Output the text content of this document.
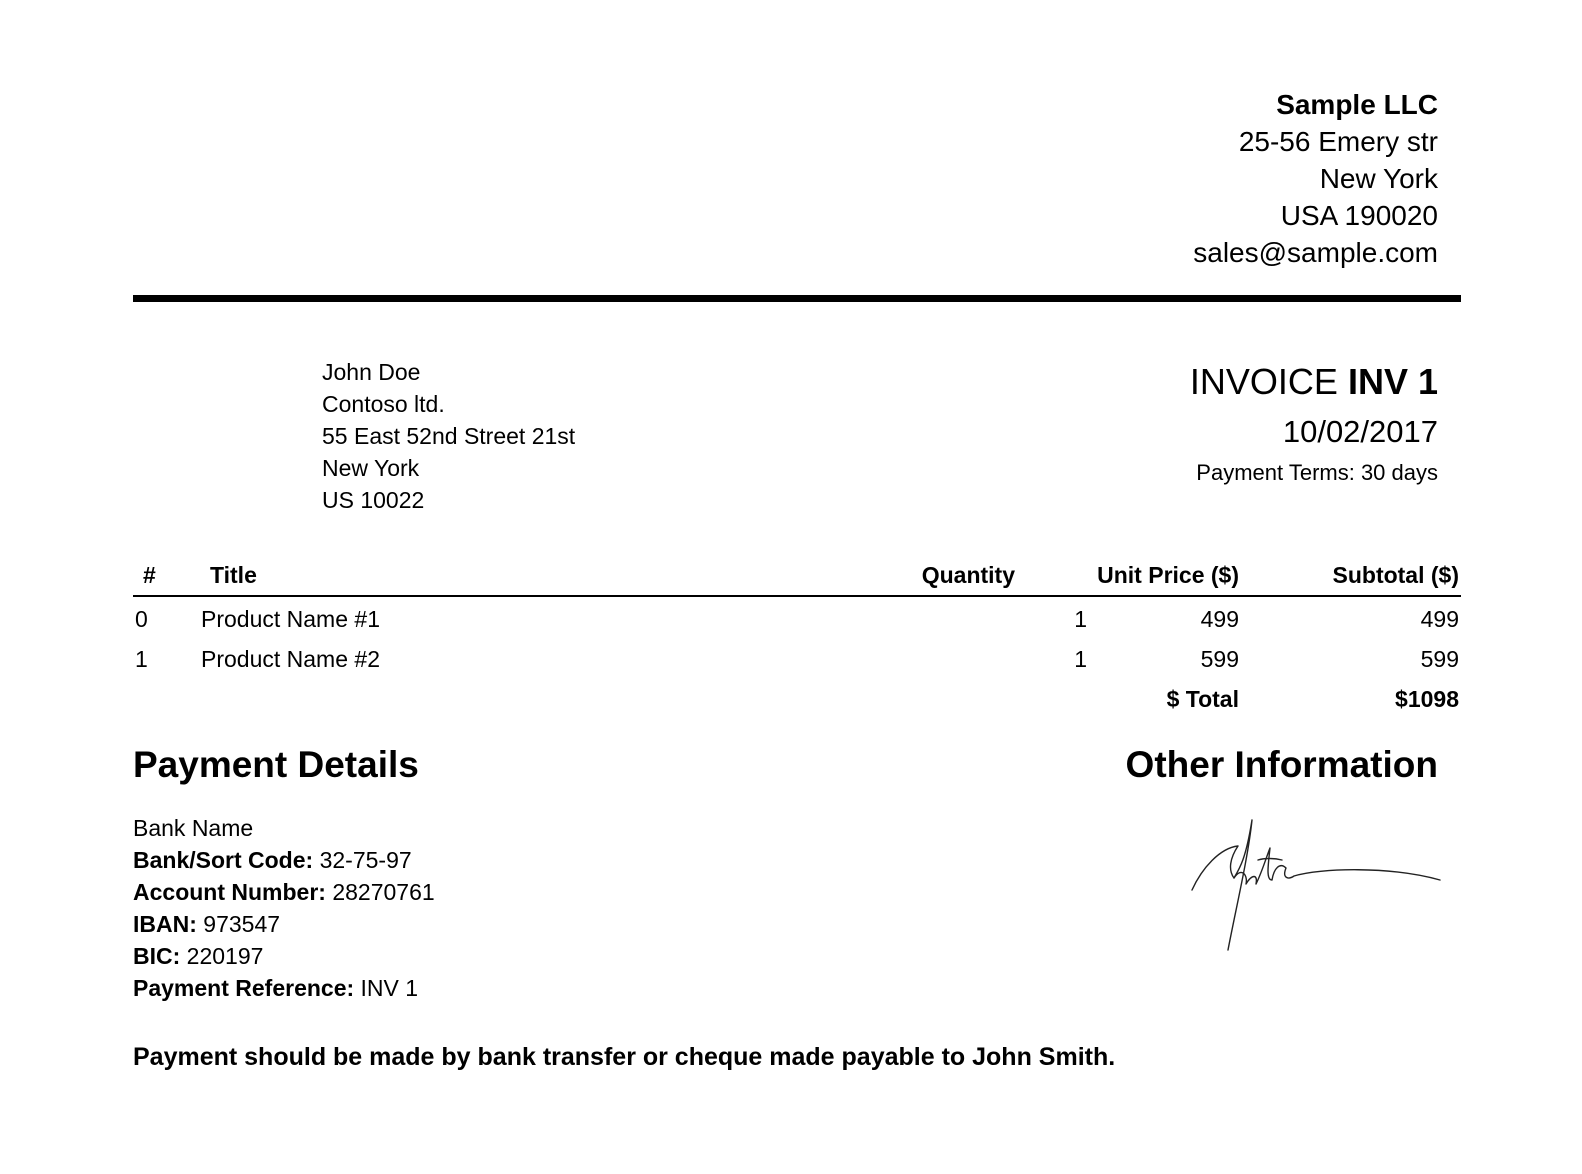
Sample LLC
25-56 Emery str
New York
USA 190020
sales@sample.com
John Doe
Contoso ltd.
55 East 52nd Street 21st
New York
US 10022
INVOICE INV 1
10/02/2017
Payment Terms: 30 days
# Title	Quantity	Unit Price ($)	Subtotal ($)
0 Product Name #1	1	499	499
1 Product Name #2	1	599	599
$ Total	$1098
Payment Details
Bank Name
Bank/Sort Code: 32-75-97
Account Number: 28270761
IBAN: 973547
BIC: 220197
Payment Reference: INV 1
Other Information
Payment should be made by bank transfer or cheque made payable to John Smith.
